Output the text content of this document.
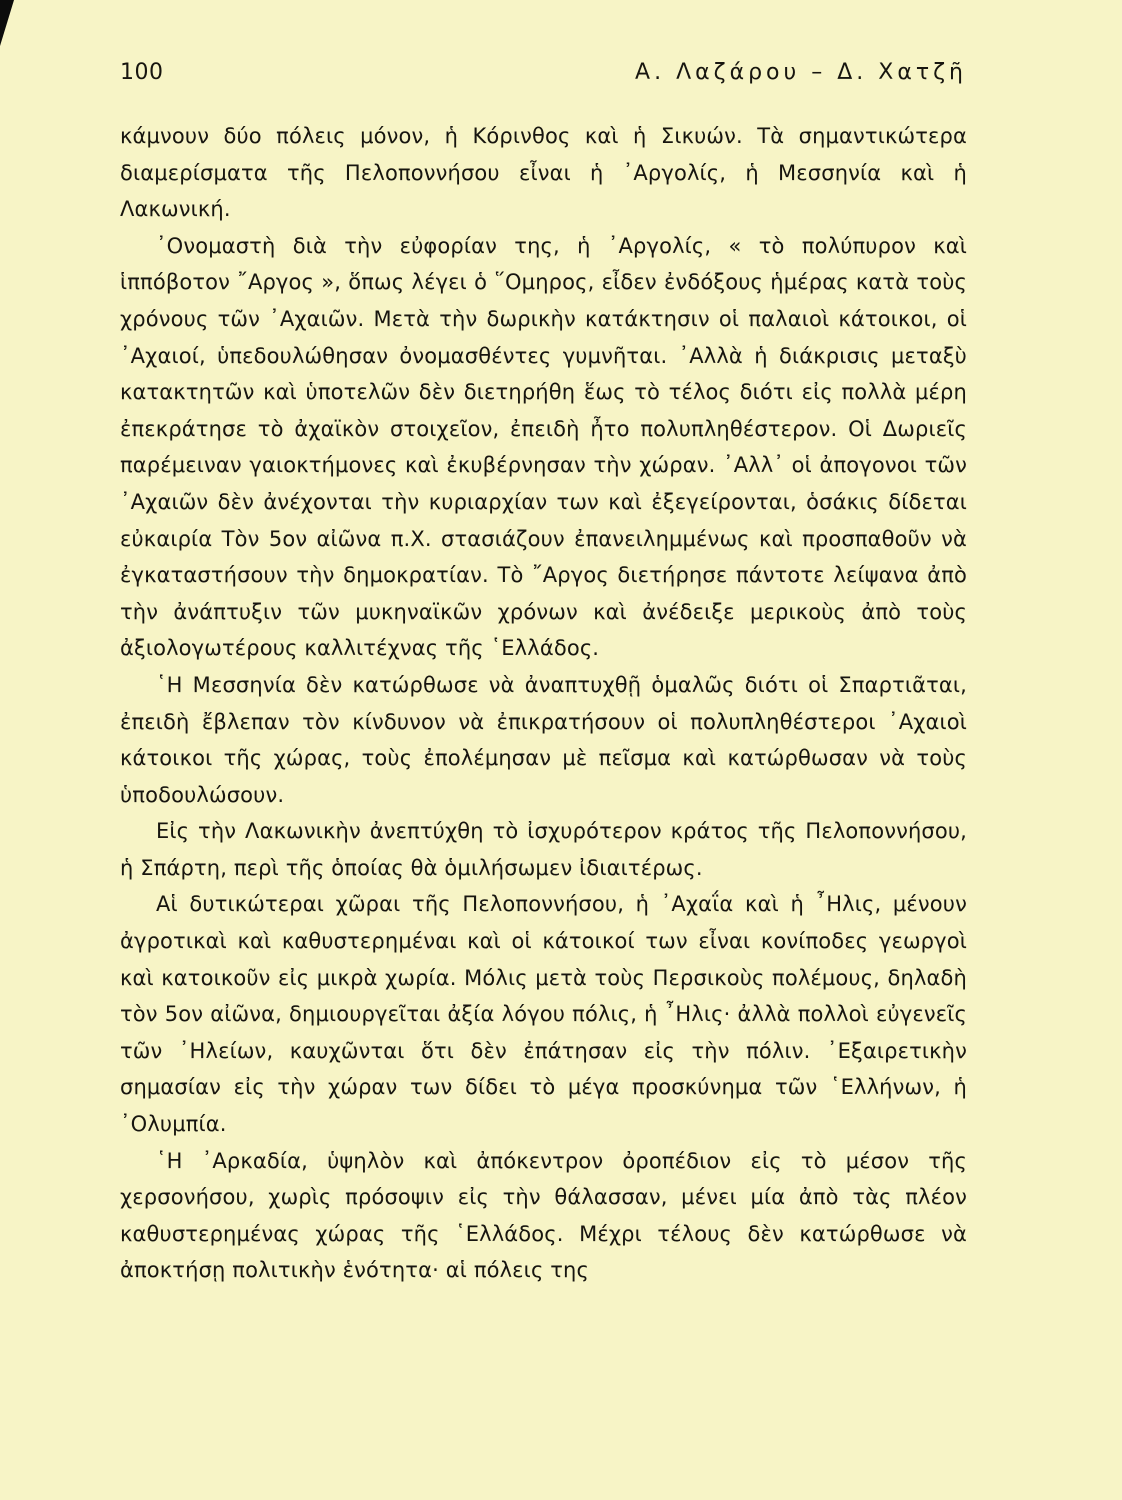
100	Α. Λαζάρου – Δ. Χατζῆ

κάμνουν δύο πόλεις μόνον, ἡ Κόρινθος καὶ ἡ Σικυών. Τὰ σημαντικώτερα διαμερίσματα τῆς Πελοποννήσου εἶναι ἡ ᾿Αργολίς, ἡ Μεσσηνία καὶ ἡ Λακωνική.

᾿Ονομαστὴ διὰ τὴν εὐφορίαν της, ἡ ᾿Αργολίς, « τὸ πολύπυρον καὶ ἱππόβοτον ῎Αργος », ὅπως λέγει ὁ ῞Ομηρος, εἶδεν ἐνδόξους ἡμέρας κατὰ τοὺς χρόνους τῶν ᾿Αχαιῶν. Μετὰ τὴν δωρικὴν κατάκτησιν οἱ παλαιοὶ κάτοικοι, οἱ ᾿Αχαιοί, ὑπεδουλώθησαν ὀνομασθέντες γυμνῆται. ᾿Αλλὰ ἡ διάκρισις μεταξὺ κατακτητῶν καὶ ὑποτελῶν δὲν διετηρήθη ἕως τὸ τέλος διότι εἰς πολλὰ μέρη ἐπεκράτησε τὸ ἀχαϊκὸν στοιχεῖον, ἐπειδὴ ἦτο πολυπληθέστερον. Οἱ Δωριεῖς παρέμειναν γαιοκτήμονες καὶ ἐκυβέρνησαν τὴν χώραν. ᾿Αλλ᾿ οἱ ἀπογονοι τῶν ᾿Αχαιῶν δὲν ἀνέχονται τὴν κυριαρχίαν των καὶ ἐξεγείρονται, ὁσάκις δίδεται εὐκαιρία Τὸν 5ον αἰῶνα π.Χ. στασιάζουν ἐπανειλημμένως καὶ προσπαθοῦν νὰ ἐγκαταστήσουν τὴν δημοκρατίαν. Τὸ ῎Αργος διετήρησε πάντοτε λείψανα ἀπὸ τὴν ἀνάπτυξιν τῶν μυκηναϊκῶν χρόνων καὶ ἀνέδειξε μερικοὺς ἀπὸ τοὺς ἀξιολογωτέρους καλλιτέχνας τῆς ῾Ελλάδος.

῾Η Μεσσηνία δὲν κατώρθωσε νὰ ἀναπτυχθῇ ὁμαλῶς διότι οἱ Σπαρτιᾶται, ἐπειδὴ ἔβλεπαν τὸν κίνδυνον νὰ ἐπικρατήσουν οἱ πολυπληθέστεροι ᾿Αχαιοὶ κάτοικοι τῆς χώρας, τοὺς ἐπολέμησαν μὲ πεῖσμα καὶ κατώρθωσαν νὰ τοὺς ὑποδουλώσουν.

Εἰς τὴν Λακωνικὴν ἀνεπτύχθη τὸ ἰσχυρότερον κράτος τῆς Πελοποννήσου, ἡ Σπάρτη, περὶ τῆς ὁποίας θὰ ὁμιλήσωμεν ἰδιαιτέρως.

Αἱ δυτικώτεραι χῶραι τῆς Πελοποννήσου, ἡ ᾿Αχαΐα καὶ ἡ ῏Ηλις, μένουν ἀγροτικαὶ καὶ καθυστερημέναι καὶ οἱ κάτοικοί των εἶναι κονίποδες γεωργοὶ καὶ κατοικοῦν εἰς μικρὰ χωρία. Μόλις μετὰ τοὺς Περσικοὺς πολέμους, δηλαδὴ τὸν 5ον αἰῶνα, δημιουργεῖται ἀξία λόγου πόλις, ἡ ῏Ηλις· ἀλλὰ πολλοὶ εὐγενεῖς τῶν ᾿Ηλείων, καυχῶνται ὅτι δὲν ἐπάτησαν εἰς τὴν πόλιν. ᾿Εξαιρετικὴν σημασίαν εἰς τὴν χώραν των δίδει τὸ μέγα προσκύνημα τῶν ῾Ελλήνων, ἡ ᾿Ολυμπία.

῾Η ᾿Αρκαδία, ὑψηλὸν καὶ ἀπόκεντρον ὀροπέδιον εἰς τὸ μέσον τῆς χερσονήσου, χωρὶς πρόσοψιν εἰς τὴν θάλασσαν, μένει μία ἀπὸ τὰς πλέον καθυστερημένας χώρας τῆς ῾Ελλάδος. Μέχρι τέλους δὲν κατώρθωσε νὰ ἀποκτήσῃ πολιτικὴν ἑνότητα· αἱ πόλεις της
